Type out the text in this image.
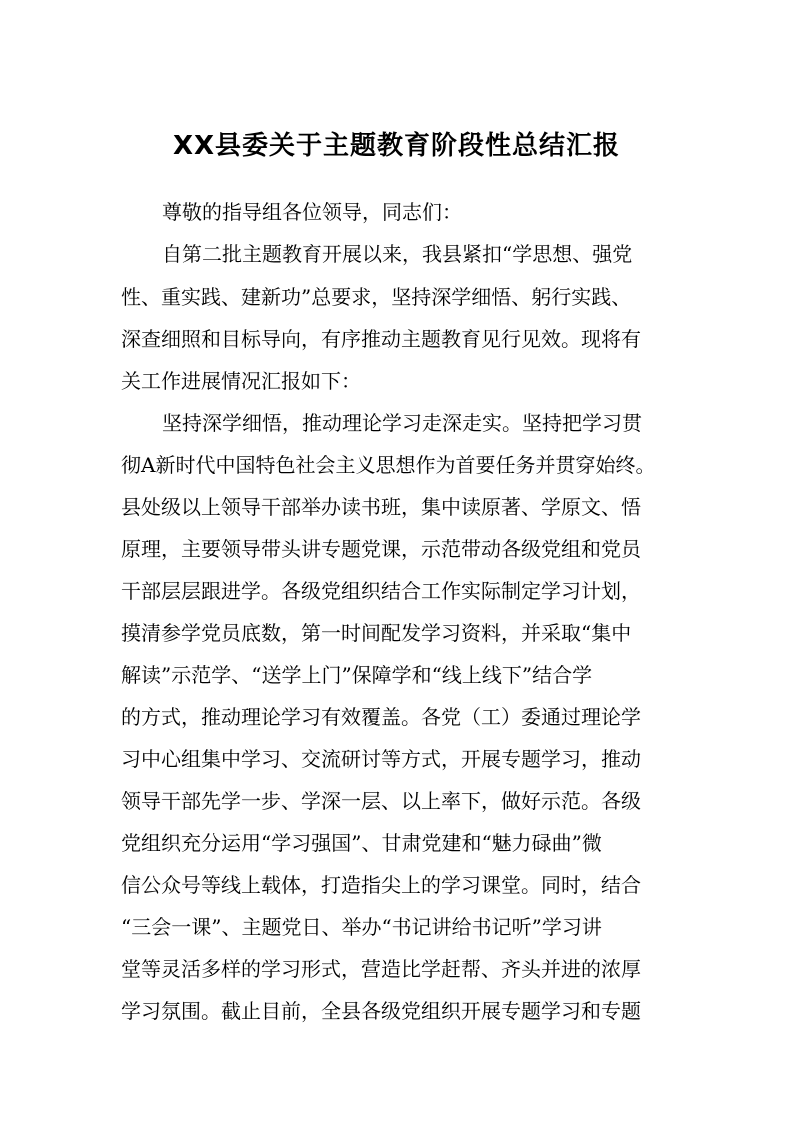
XX县委关于主题教育阶段性总结汇报
尊敬的指导组各位领导，同志们：
自第二批主题教育开展以来，我县紧扣“学思想、强党
性、重实践、建新功”总要求，坚持深学细悟、躬行实践、
深查细照和目标导向，有序推动主题教育见行见效。现将有
关工作进展情况汇报如下：
坚持深学细悟，推动理论学习走深走实。坚持把学习贯
彻A新时代中国特色社会主义思想作为首要任务并贯穿始终。
县处级以上领导干部举办读书班，集中读原著、学原文、悟
原理，主要领导带头讲专题党课，示范带动各级党组和党员
干部层层跟进学。各级党组织结合工作实际制定学习计划，
摸清参学党员底数，第一时间配发学习资料，并采取“集中
解读”示范学、“送学上门”保障学和“线上线下”结合学
的方式，推动理论学习有效覆盖。各党（工）委通过理论学
习中心组集中学习、交流研讨等方式，开展专题学习，推动
领导干部先学一步、学深一层、以上率下，做好示范。各级
党组织充分运用“学习强国”、甘肃党建和“魅力碌曲”微
信公众号等线上载体，打造指尖上的学习课堂。同时，结合
“三会一课”、主题党日、举办“书记讲给书记听”学习讲
堂等灵活多样的学习形式，营造比学赶帮、齐头并进的浓厚
学习氛围。截止目前，全县各级党组织开展专题学习和专题
